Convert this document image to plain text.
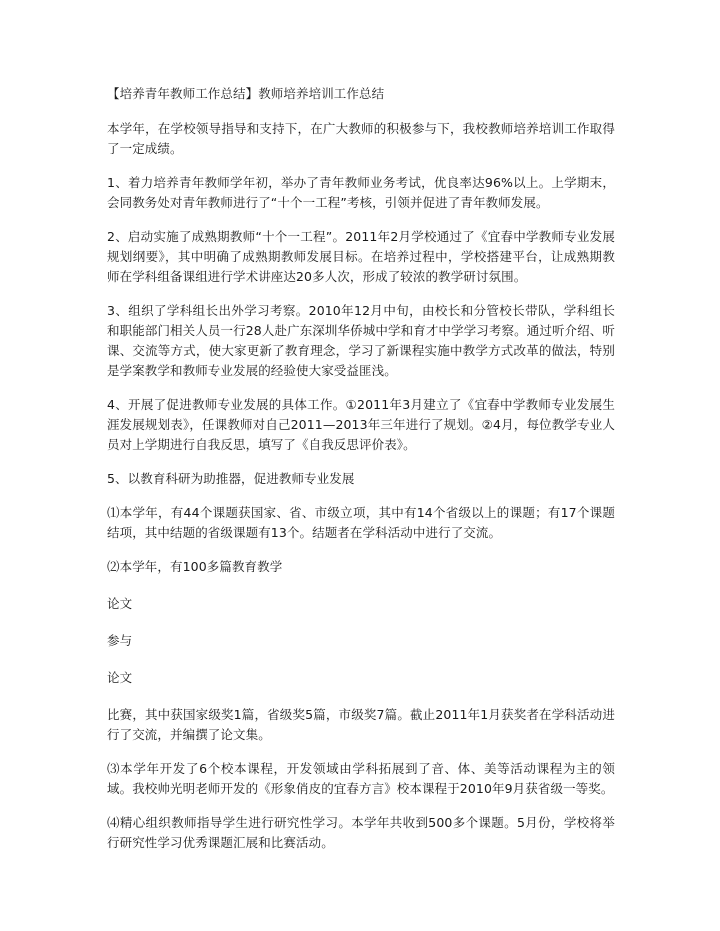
【培养青年教师工作总结】教师培养培训工作总结

本学年，在学校领导指导和支持下，在广大教师的积极参与下，我校教师培养培训工作取得了一定成绩。

1、着力培养青年教师学年初，举办了青年教师业务考试，优良率达96%以上。上学期末，会同教务处对青年教师进行了“十个一工程”考核，引领并促进了青年教师发展。

2、启动实施了成熟期教师“十个一工程”。2011年2月学校通过了《宜春中学教师专业发展规划纲要》，其中明确了成熟期教师发展目标。在培养过程中，学校搭建平台，让成熟期教师在学科组备课组进行学术讲座达20多人次，形成了较浓的教学研讨氛围。

3、组织了学科组长出外学习考察。2010年12月中旬，由校长和分管校长带队，学科组长和职能部门相关人员一行28人赴广东深圳华侨城中学和育才中学学习考察。通过听介绍、听课、交流等方式，使大家更新了教育理念，学习了新课程实施中教学方式改革的做法，特别是学案教学和教师专业发展的经验使大家受益匪浅。

4、开展了促进教师专业发展的具体工作。①2011年3月建立了《宜春中学教师专业发展生涯发展规划表》，任课教师对自己2011—2013年三年进行了规划。②4月，每位教学专业人员对上学期进行自我反思，填写了《自我反思评价表》。

5、以教育科研为助推器，促进教师专业发展

⑴本学年，有44个课题获国家、省、市级立项，其中有14个省级以上的课题；有17个课题结项，其中结题的省级课题有13个。结题者在学科活动中进行了交流。

⑵本学年，有100多篇教育教学

论文

参与

论文

比赛，其中获国家级奖1篇，省级奖5篇，市级奖7篇。截止2011年1月获奖者在学科活动进行了交流，并编撰了论文集。

⑶本学年开发了6个校本课程，开发领域由学科拓展到了音、体、美等活动课程为主的领域。我校帅光明老师开发的《形象俏皮的宜春方言》校本课程于2010年9月获省级一等奖。

⑷精心组织教师指导学生进行研究性学习。本学年共收到500多个课题。5月份，学校将举行研究性学习优秀课题汇展和比赛活动。
